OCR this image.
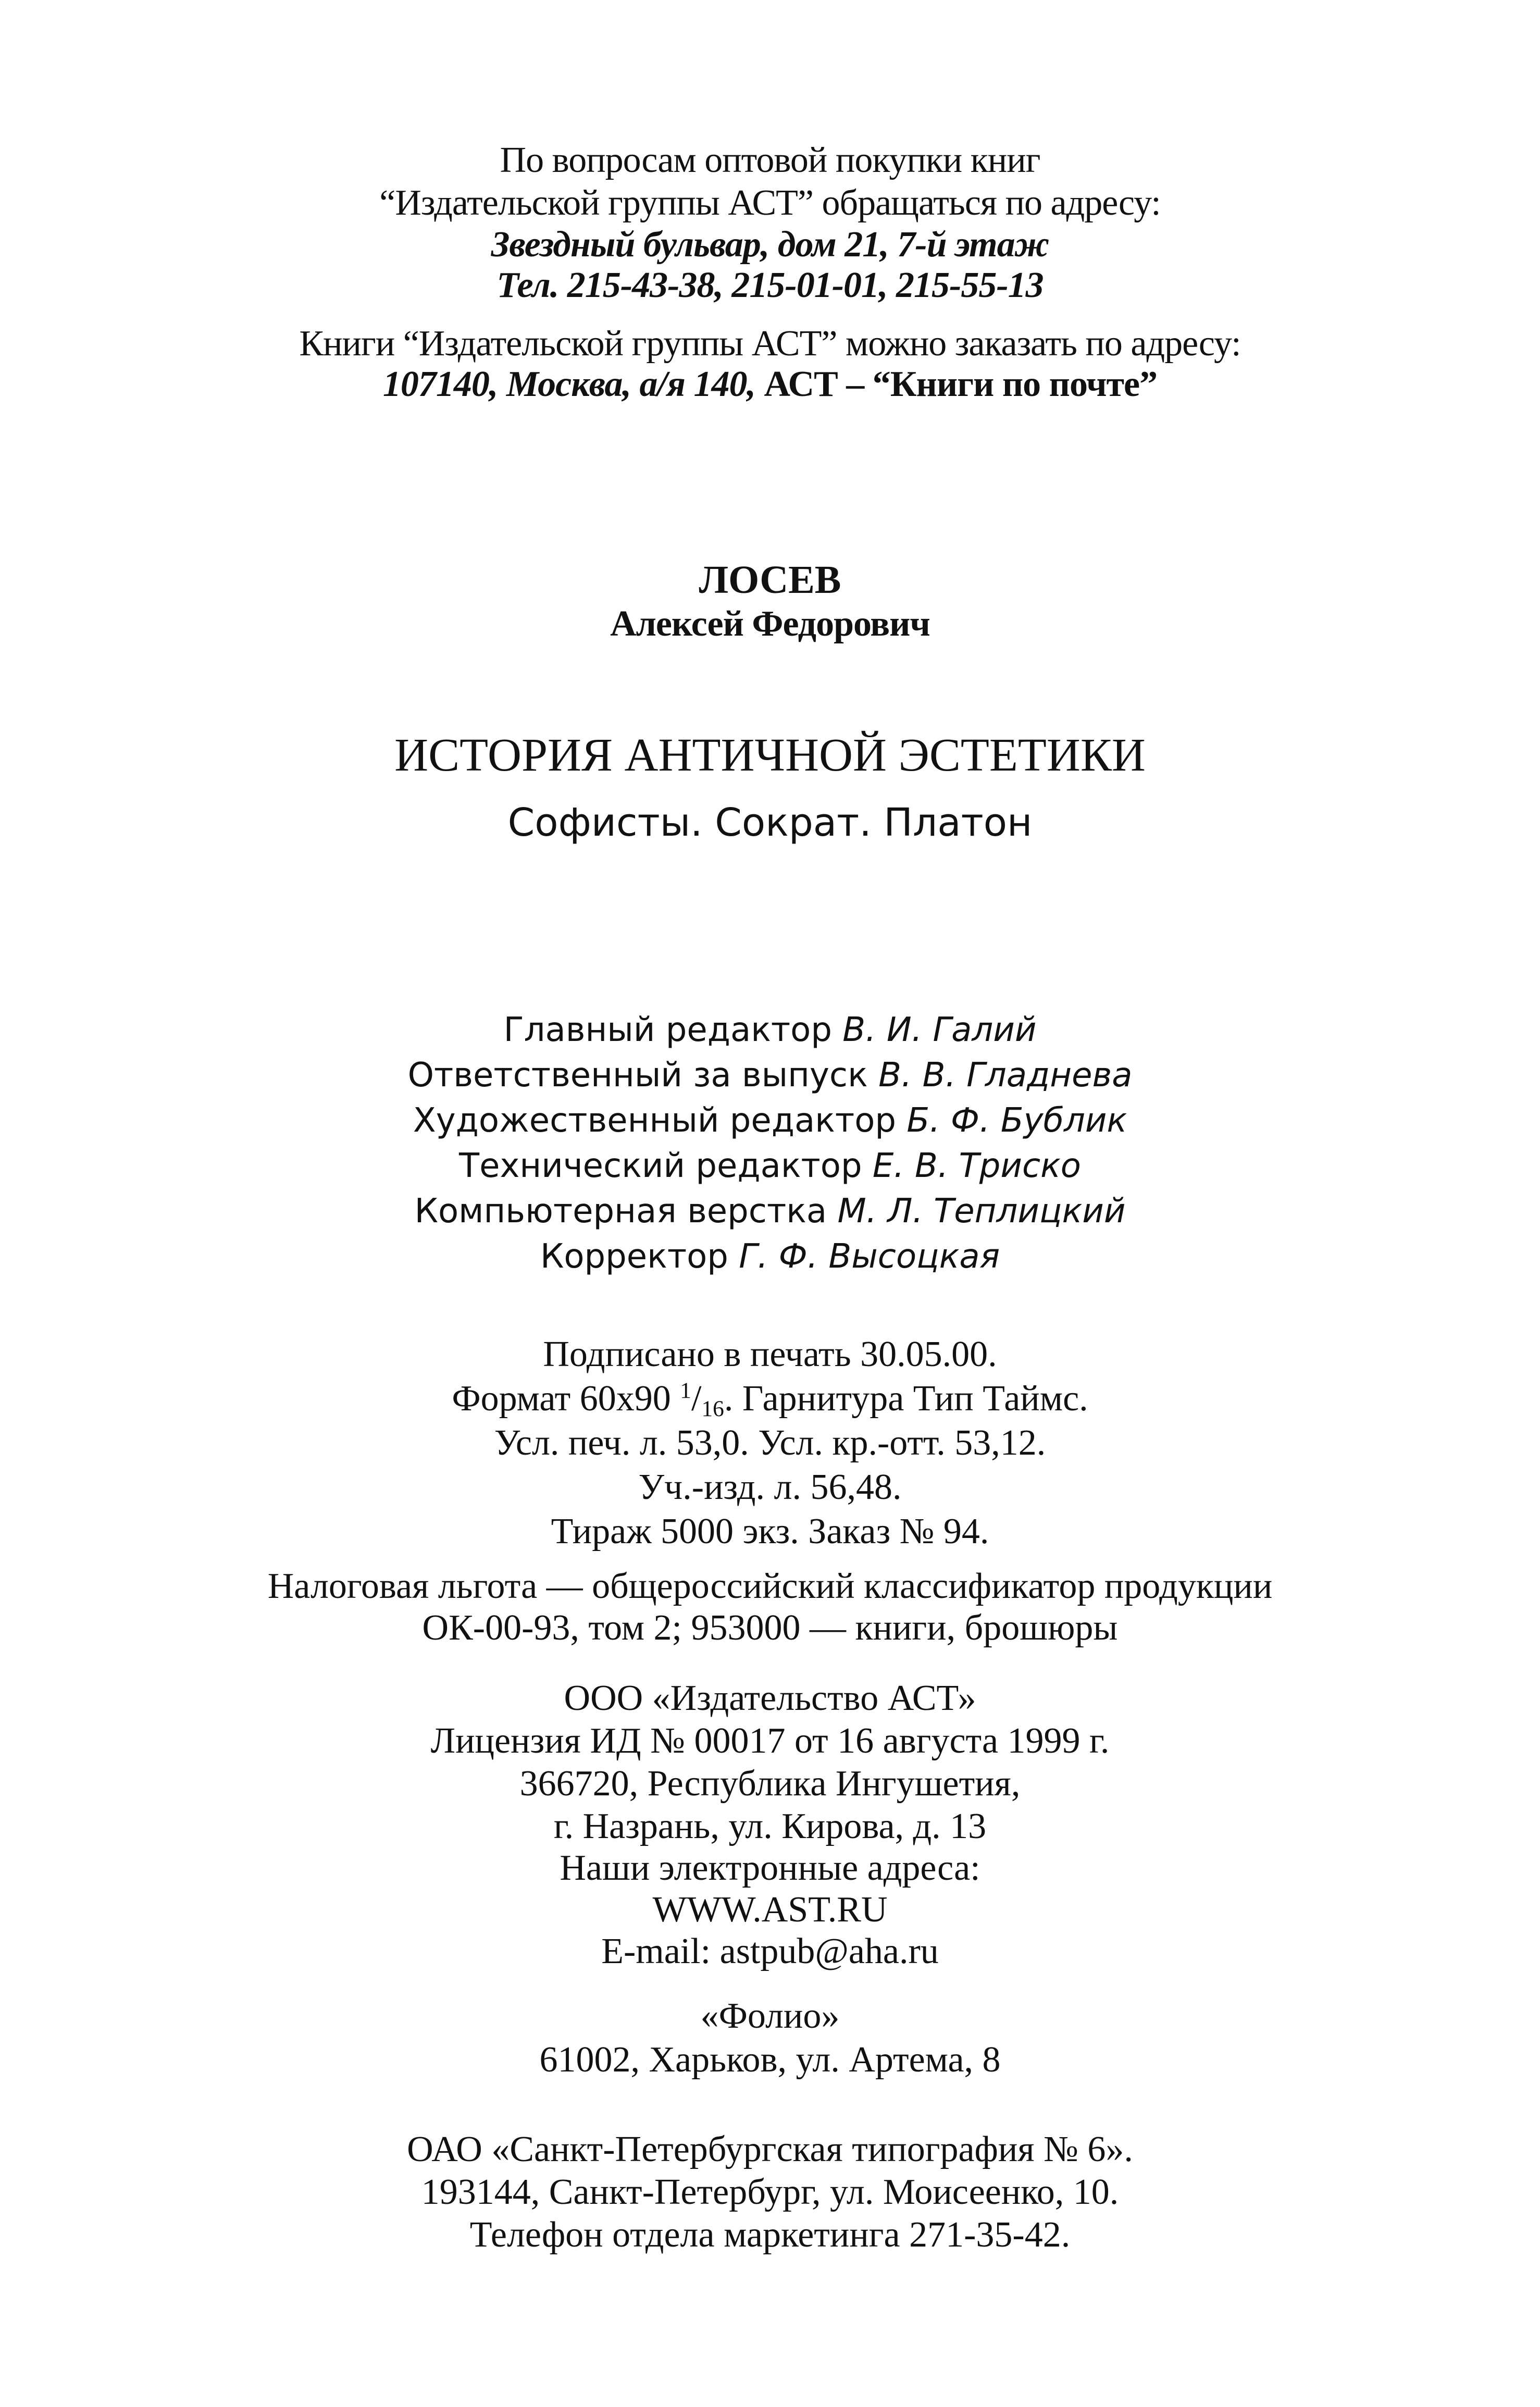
По вопросам оптовой покупки книг
“Издательской группы АСТ” обращаться по адресу:
Звездный бульвар, дом 21, 7-й этаж
Тел. 215-43-38, 215-01-01, 215-55-13
Книги “Издательской группы АСТ” можно заказать по адресу:
107140, Москва, а/я 140, АСТ – “Книги по почте”
ЛОСЕВ
Алексей Федорович
ИСТОРИЯ АНТИЧНОЙ ЭСТЕТИКИ
Софисты. Сократ. Платон
Главный редактор В. И. Галий
Ответственный за выпуск В. В. Гладнева
Художественный редактор Б. Ф. Бублик
Технический редактор Е. В. Триско
Компьютерная верстка М. Л. Теплицкий
Корректор Г. Ф. Высоцкая
Подписано в печать 30.05.00.
Формат 60х90 $^1/_{16}$. Гарнитура Тип Таймс.
Усл. печ. л. 53,0. Усл. кр.-отт. 53,12.
Уч.-изд. л. 56,48.
Тираж 5000 экз. Заказ № 94.
Налоговая льгота — общероссийский классификатор продукции
ОК-00-93, том 2; 953000 — книги, брошюры
ООО «Издательство АСТ»
Лицензия ИД № 00017 от 16 августа 1999 г.
366720, Республика Ингушетия,
г. Назрань, ул. Кирова, д. 13
Наши электронные адреса:
WWW.AST.RU
E-mail: astpub@aha.ru
«Фолио»
61002, Харьков, ул. Артема, 8
ОАО «Санкт-Петербургская типография № 6».
193144, Санкт-Петербург, ул. Моисеенко, 10.
Телефон отдела маркетинга 271-35-42.
